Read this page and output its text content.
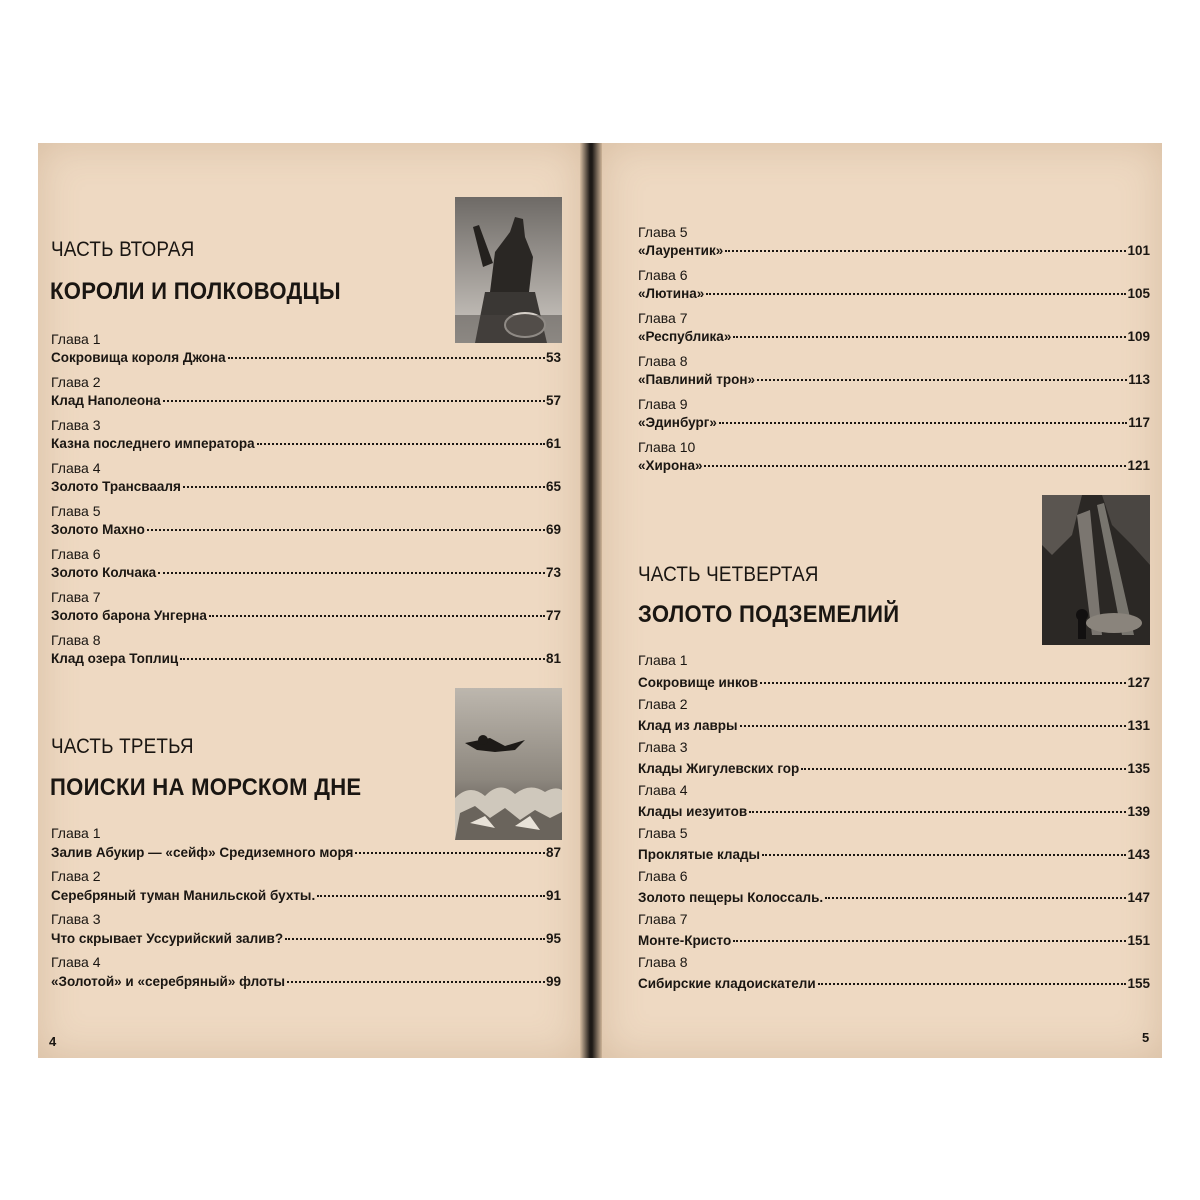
ЧАСТЬ ВТОРАЯ
КОРОЛИ И ПОЛКОВОДЦЫ
Глава 1
Сокровища короля Джона	53
Глава 2
Клад Наполеона	57
Глава 3
Казна последнего императора	61
Глава 4
Золото Трансвааля	65
Глава 5
Золото Махно	69
Глава 6
Золото Колчака	73
Глава 7
Золото барона Унгерна	77
Глава 8
Клад озера Топлиц	81
ЧАСТЬ ТРЕТЬЯ
ПОИСКИ НА МОРСКОМ ДНЕ
Глава 1
Залив Абукир — «сейф» Средиземного моря	87
Глава 2
Серебряный туман Манильской бухты.	91
Глава 3
Что скрывает Уссурийский залив?	95
Глава 4
«Золотой» и «серебряный» флоты	99
4
Глава 5
«Лаурентик»	101
Глава 6
«Лютина»	105
Глава 7
«Республика»	109
Глава 8
«Павлиний трон»	113
Глава 9
«Эдинбург»	117
Глава 10
«Хирона»	121
ЧАСТЬ ЧЕТВЕРТАЯ
ЗОЛОТО ПОДЗЕМЕЛИЙ
Глава 1
Сокровище инков	127
Глава 2
Клад из лавры	131
Глава 3
Клады Жигулевских гор	135
Глава 4
Клады иезуитов	139
Глава 5
Проклятые клады	143
Глава 6
Золото пещеры Колоссаль.	147
Глава 7
Монте-Кристо	151
Глава 8
Сибирские кладоискатели	155
5
